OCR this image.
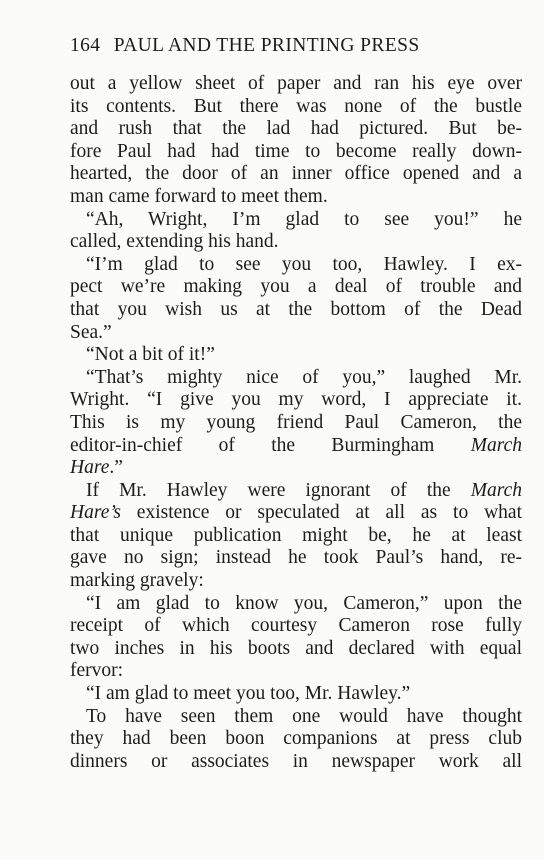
164 PAUL AND THE PRINTING PRESS
out a yellow sheet of paper and ran his eye over
its contents. But there was none of the bustle
and rush that the lad had pictured. But be-
fore Paul had had time to become really down-
hearted, the door of an inner office opened and a
man came forward to meet them.
“Ah, Wright, I’m glad to see you!” he
called, extending his hand.
“I’m glad to see you too, Hawley. I ex-
pect we’re making you a deal of trouble and
that you wish us at the bottom of the Dead
Sea.”
“Not a bit of it!”
“That’s mighty nice of you,” laughed Mr.
Wright. “I give you my word, I appreciate it.
This is my young friend Paul Cameron, the
editor-in-chief of the Burmingham March
Hare.”
If Mr. Hawley were ignorant of the March
Hare’s existence or speculated at all as to what
that unique publication might be, he at least
gave no sign; instead he took Paul’s hand, re-
marking gravely:
“I am glad to know you, Cameron,” upon the
receipt of which courtesy Cameron rose fully
two inches in his boots and declared with equal
fervor:
“I am glad to meet you too, Mr. Hawley.”
To have seen them one would have thought
they had been boon companions at press club
dinners or associates in newspaper work all
